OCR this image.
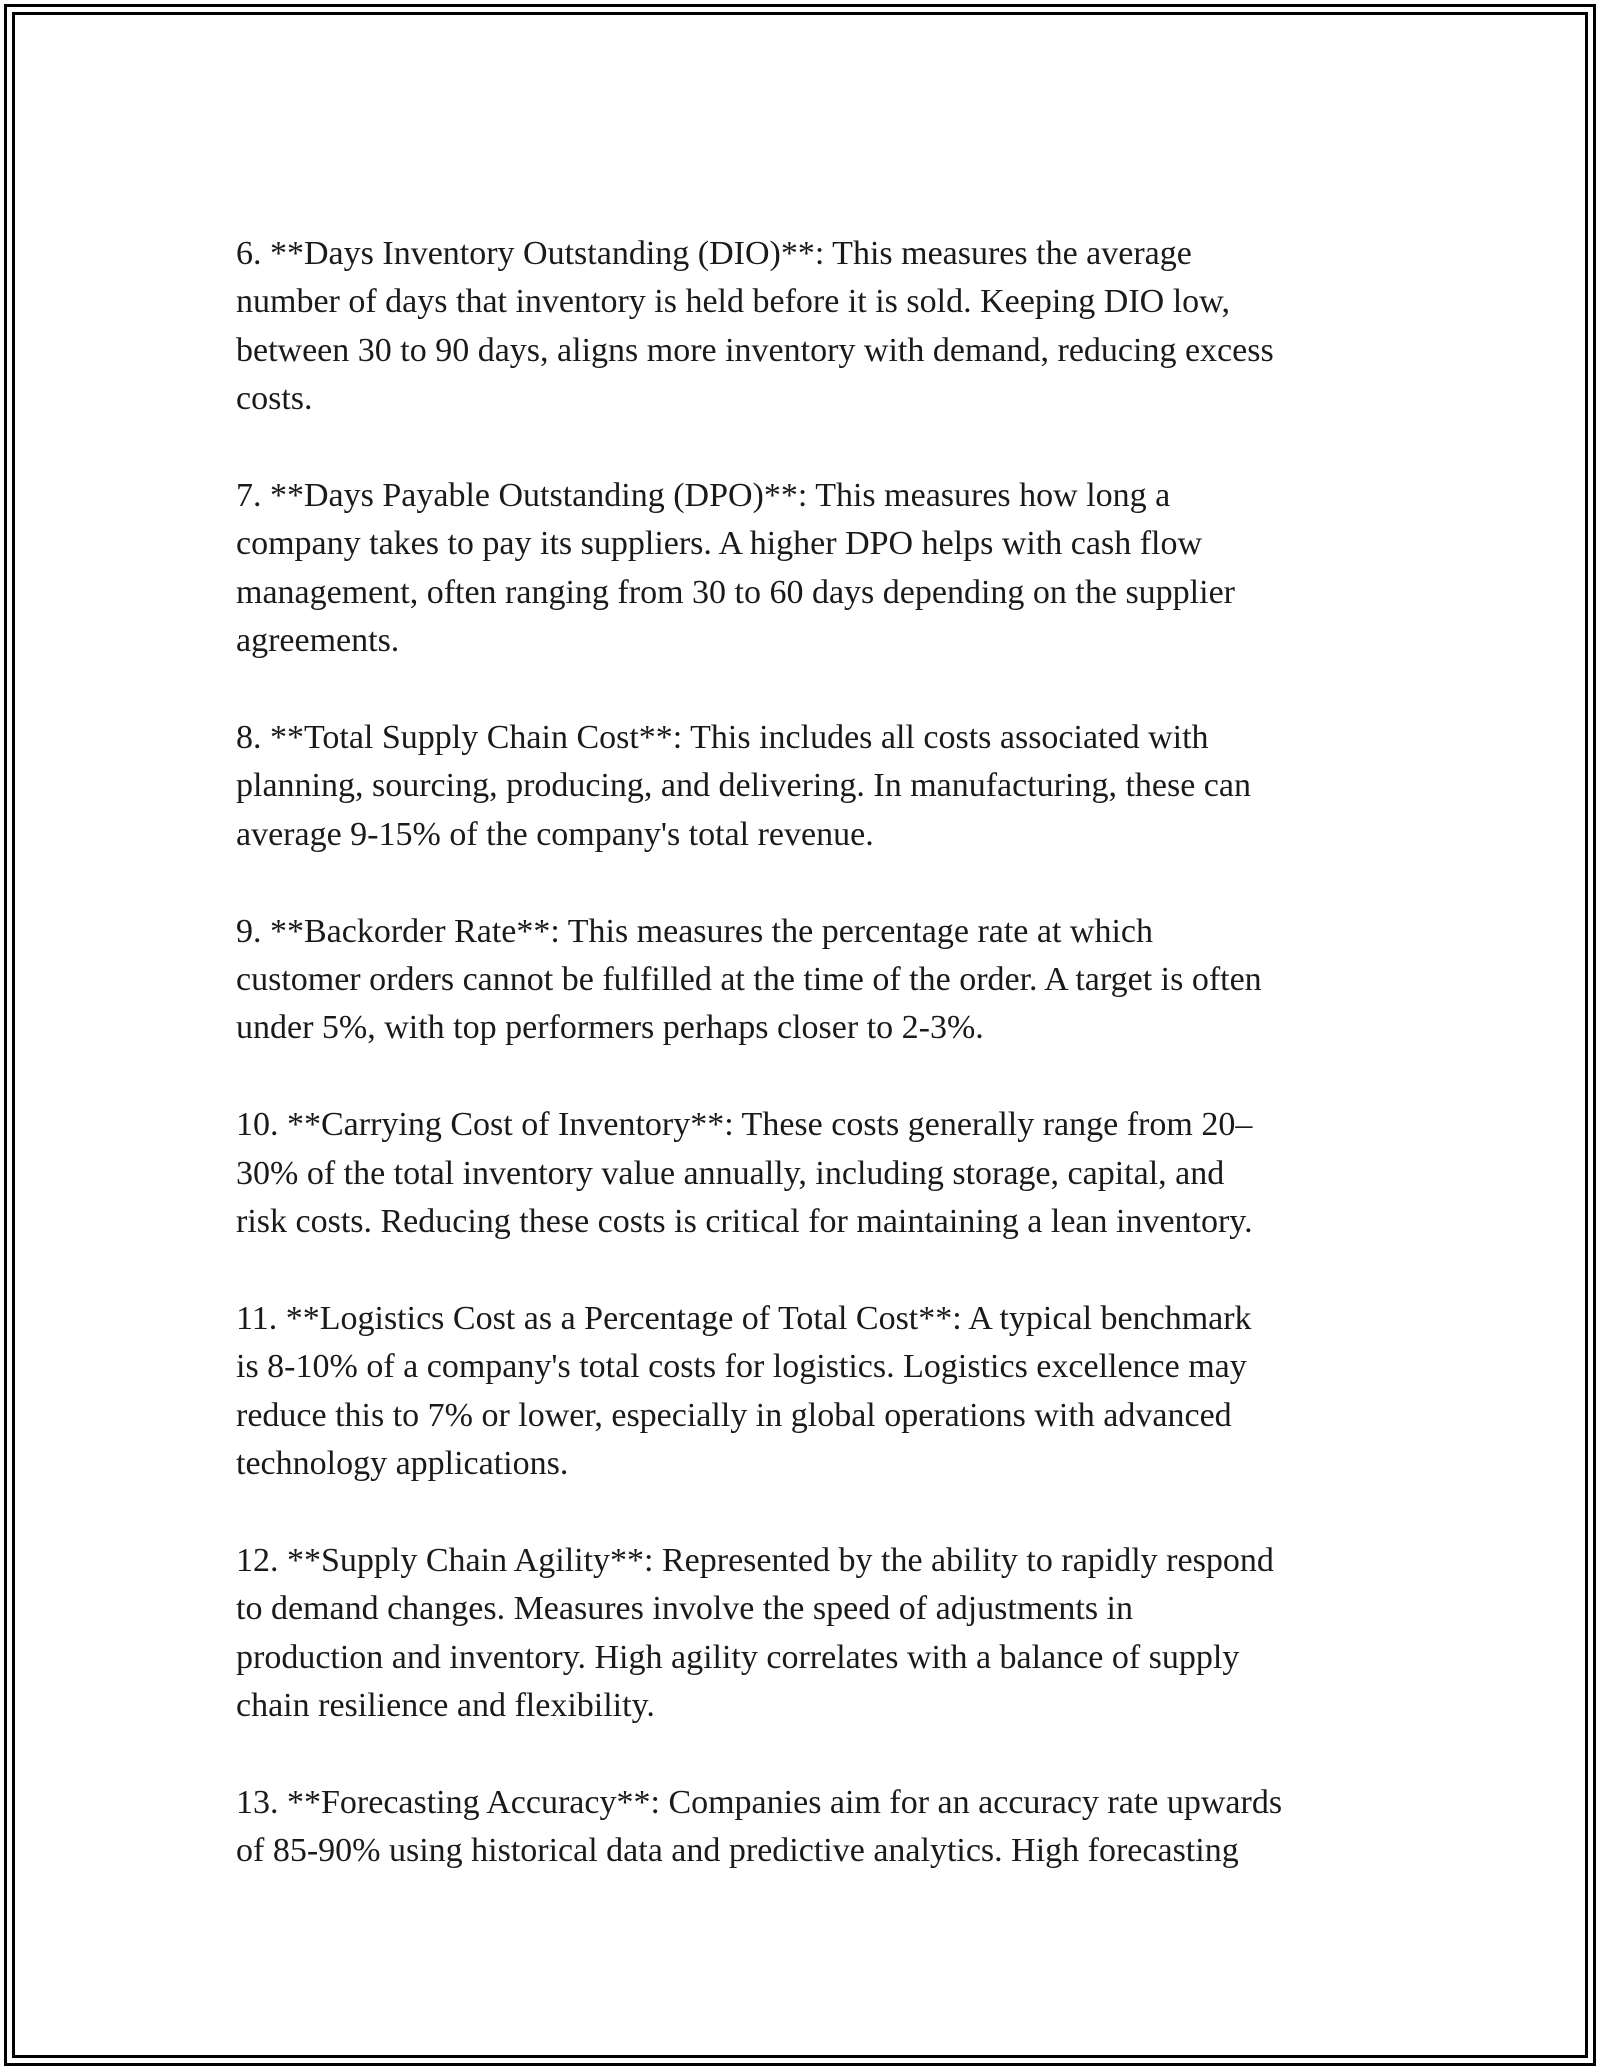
6. **Days Inventory Outstanding (DIO)**: This measures the average
number of days that inventory is held before it is sold. Keeping DIO low,
between 30 to 90 days, aligns more inventory with demand, reducing excess
costs.
7. **Days Payable Outstanding (DPO)**: This measures how long a
company takes to pay its suppliers. A higher DPO helps with cash flow
management, often ranging from 30 to 60 days depending on the supplier
agreements.
8. **Total Supply Chain Cost**: This includes all costs associated with
planning, sourcing, producing, and delivering. In manufacturing, these can
average 9-15% of the company's total revenue.
9. **Backorder Rate**: This measures the percentage rate at which
customer orders cannot be fulfilled at the time of the order. A target is often
under 5%, with top performers perhaps closer to 2-3%.
10. **Carrying Cost of Inventory**: These costs generally range from 20–
30% of the total inventory value annually, including storage, capital, and
risk costs. Reducing these costs is critical for maintaining a lean inventory.
11. **Logistics Cost as a Percentage of Total Cost**: A typical benchmark
is 8-10% of a company's total costs for logistics. Logistics excellence may
reduce this to 7% or lower, especially in global operations with advanced
technology applications.
12. **Supply Chain Agility**: Represented by the ability to rapidly respond
to demand changes. Measures involve the speed of adjustments in
production and inventory. High agility correlates with a balance of supply
chain resilience and flexibility.
13. **Forecasting Accuracy**: Companies aim for an accuracy rate upwards
of 85-90% using historical data and predictive analytics. High forecasting
